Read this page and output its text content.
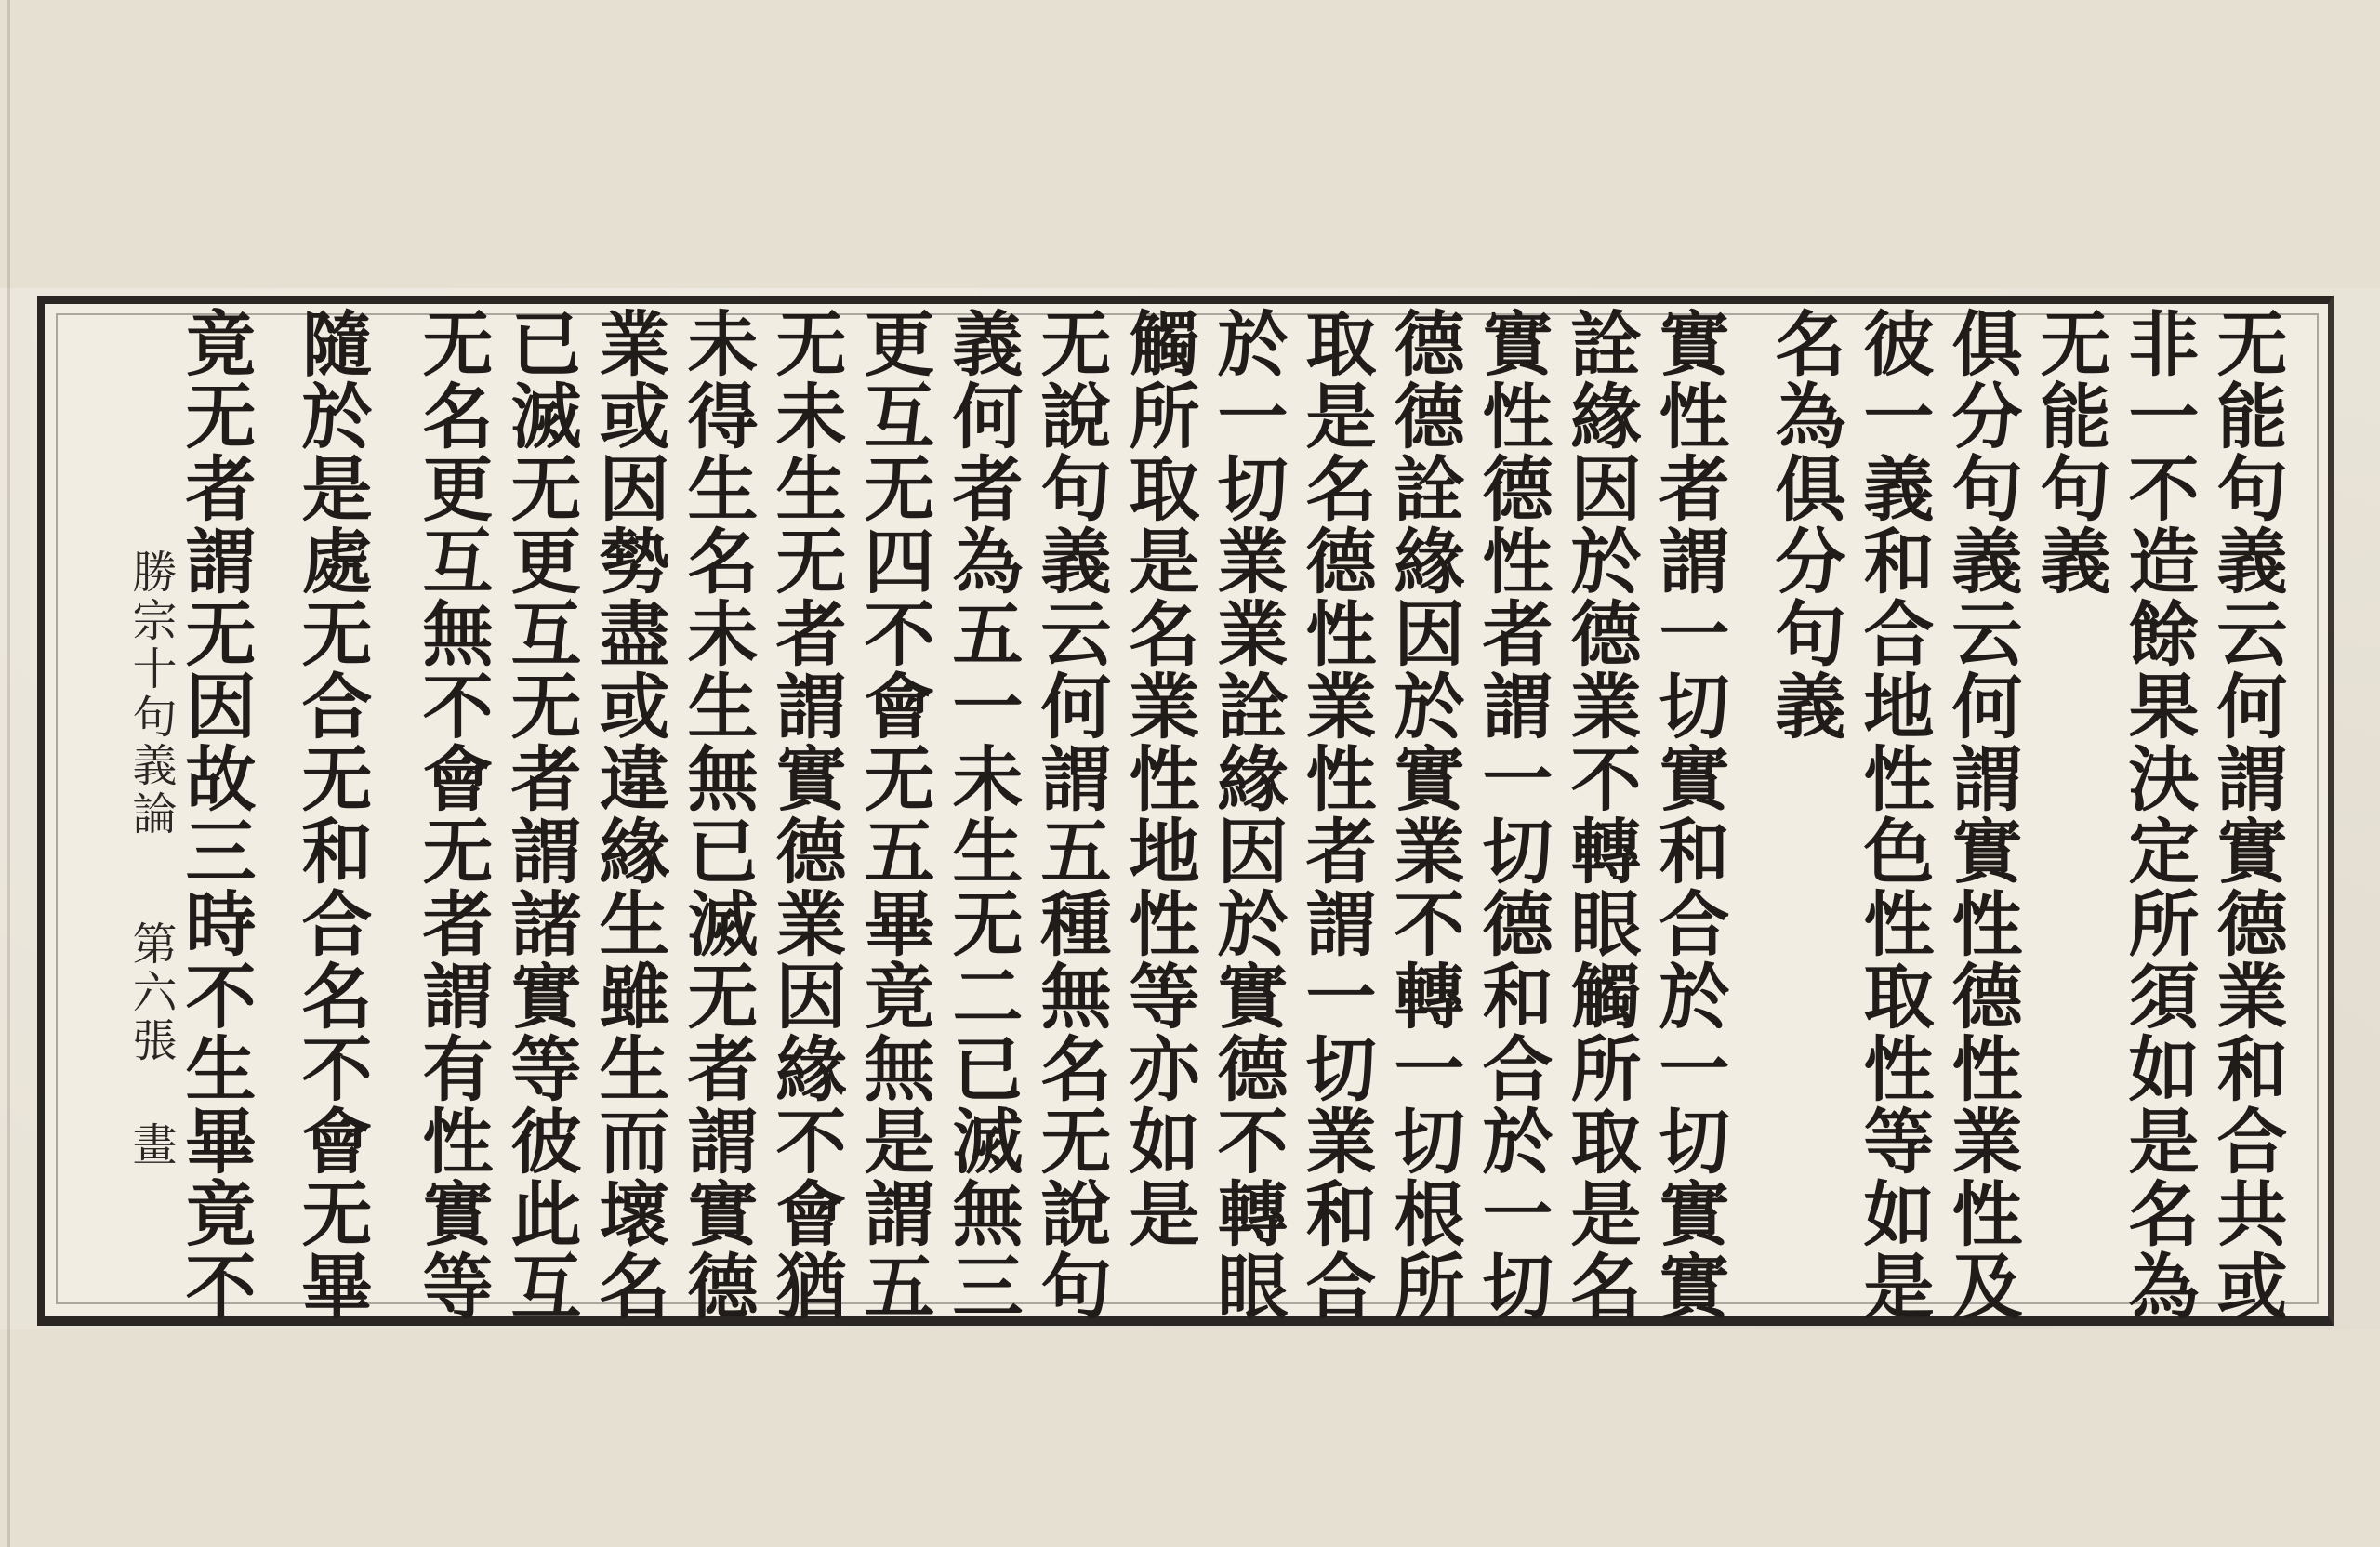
无能句義云何謂實德業和合共或
非一不造餘果決定所須如是名為
无能句義
俱分句義云何謂實性德性業性及
彼一義和合地性色性取性等如是
名為俱分句義
實性者謂一切實和合於一切實實
詮緣因於德業不轉眼觸所取是名
實性德性者謂一切德和合於一切
德德詮緣因於實業不轉一切根所
取是名德性業性者謂一切業和合
於一切業業詮緣因於實德不轉眼
觸所取是名業性地性等亦如是
无說句義云何謂五種無名无說句
義何者為五一未生无二已滅無三
更互无四不會无五畢竟無是謂五
无未生无者謂實德業因緣不會猶
未得生名未生無已滅无者謂實德
業或因勢盡或違緣生雖生而壞名
已滅无更互无者謂諸實等彼此互
无名更互無不會无者謂有性實等
隨於是處无合无和合名不會无畢
竟无者謂无因故三時不生畢竟不
勝宗十句義論
第六張 畫
